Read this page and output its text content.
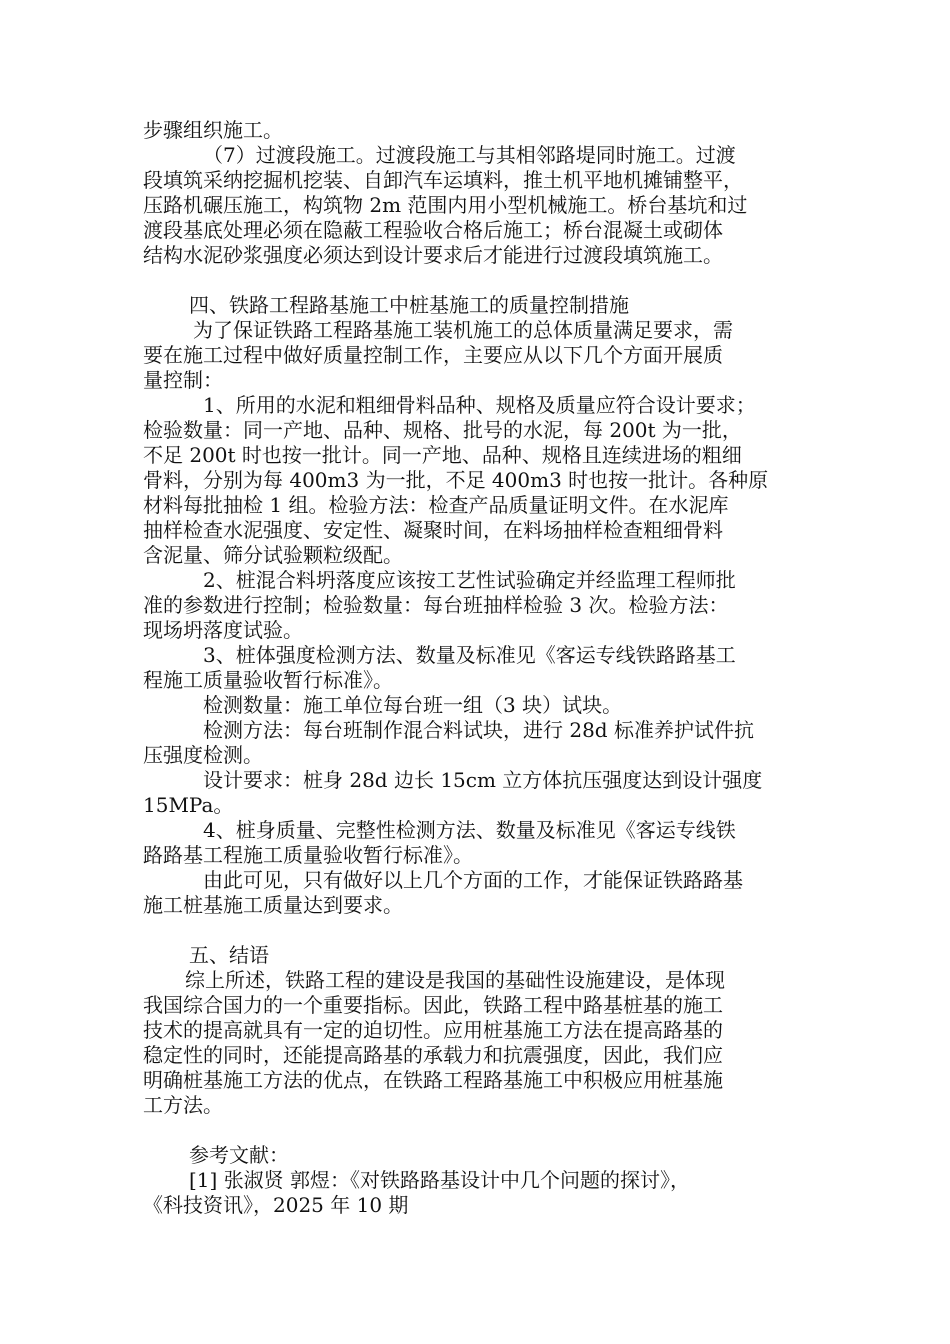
步骤组织施工。
（7）过渡段施工。过渡段施工与其相邻路堤同时施工。过渡
段填筑采纳挖掘机挖装、自卸汽车运填料，推土机平地机摊铺整平，
压路机碾压施工，构筑物 2m 范围内用小型机械施工。桥台基坑和过
渡段基底处理必须在隐蔽工程验收合格后施工；桥台混凝土或砌体
结构水泥砂浆强度必须达到设计要求后才能进行过渡段填筑施工。
四、铁路工程路基施工中桩基施工的质量控制措施
为了保证铁路工程路基施工装机施工的总体质量满足要求，需
要在施工过程中做好质量控制工作，主要应从以下几个方面开展质
量控制：
1、所用的水泥和粗细骨料品种、规格及质量应符合设计要求；
检验数量：同一产地、品种、规格、批号的水泥，每 200t 为一批，
不足 200t 时也按一批计。同一产地、品种、规格且连续进场的粗细
骨料，分别为每 400m3 为一批，不足 400m3 时也按一批计。各种原
材料每批抽检 1 组。检验方法：检查产品质量证明文件。在水泥库
抽样检查水泥强度、安定性、凝聚时间，在料场抽样检查粗细骨料
含泥量、筛分试验颗粒级配。
2、桩混合料坍落度应该按工艺性试验确定并经监理工程师批
准的参数进行控制；检验数量：每台班抽样检验 3 次。检验方法：
现场坍落度试验。
3、桩体强度检测方法、数量及标准见《客运专线铁路路基工
程施工质量验收暂行标准》。
检测数量：施工单位每台班一组（3 块）试块。
检测方法：每台班制作混合料试块，进行 28d 标准养护试件抗
压强度检测。
设计要求：桩身 28d 边长 15cm 立方体抗压强度达到设计强度
15MPa。
4、桩身质量、完整性检测方法、数量及标准见《客运专线铁
路路基工程施工质量验收暂行标准》。
由此可见，只有做好以上几个方面的工作，才能保证铁路路基
施工桩基施工质量达到要求。
五、结语
综上所述，铁路工程的建设是我国的基础性设施建设，是体现
我国综合国力的一个重要指标。因此，铁路工程中路基桩基的施工
技术的提高就具有一定的迫切性。应用桩基施工方法在提高路基的
稳定性的同时，还能提高路基的承载力和抗震强度，因此，我们应
明确桩基施工方法的优点，在铁路工程路基施工中积极应用桩基施
工方法。
参考文献：
[1] 张淑贤 郭煜：《对铁路路基设计中几个问题的探讨》，
《科技资讯》，2025 年 10 期
